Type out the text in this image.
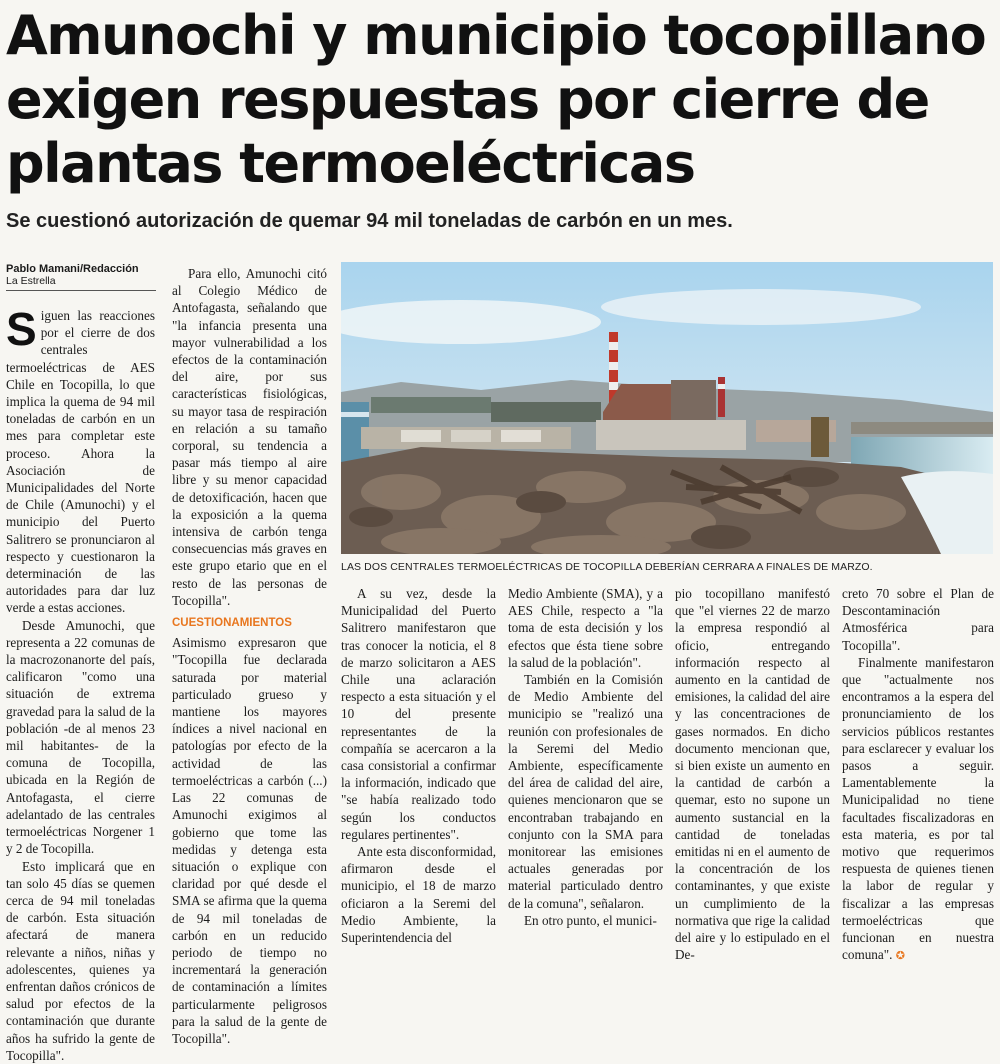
Amunochi y municipio tocopillano exigen respuestas por cierre de plantas termoeléctricas
Se cuestionó autorización de quemar 94 mil toneladas de carbón en un mes.
Pablo Mamani/Redacción
La Estrella

Siguen las reacciones por el cierre de dos centrales termoeléctricas de AES Chile en Tocopilla, lo que implica la quema de 94 mil toneladas de carbón en un mes para completar este proceso. Ahora la Asociación de Municipalidades del Norte de Chile (Amunochi) y el municipio del Puerto Salitrero se pronunciaron al respecto y cuestionaron la determinación de las autoridades para dar luz verde a estas acciones.

Desde Amunochi, que representa a 22 comunas de la macrozonanorte del país, calificaron "como una situación de extrema gravedad para la salud de la población -de al menos 23 mil habitantes- de la comuna de Tocopilla, ubicada en la Región de Antofagasta, el cierre adelantado de las centrales termoeléctricas Norgener 1 y 2 de Tocopilla.

Esto implicará que en tan solo 45 días se quemen cerca de 94 mil toneladas de carbón. Esta situación afectará de manera relevante a niños, niñas y adolescentes, quienes ya enfrentan daños crónicos de salud por efectos de la contaminación que durante años ha sufrido la gente de Tocopilla".

Para ello, Amunochi citó al Colegio Médico de Antofagasta, señalando que "la infancia presenta una mayor vulnerabilidad a los efectos de la contaminación del aire, por sus características fisiológicas, su mayor tasa de respiración en relación a su tamaño corporal, su tendencia a pasar más tiempo al aire libre y su menor capacidad de detoxificación, hacen que la exposición a la quema intensiva de carbón tenga consecuencias más graves en este grupo etario que en el resto de las personas de Tocopilla".

CUESTIONAMIENTOS

Asimismo expresaron que "Tocopilla fue declarada saturada por material particulado grueso y mantiene los mayores índices a nivel nacional en patologías por efecto de la actividad de las termoeléctricas a carbón (...) Las 22 comunas de Amunochi exigimos al gobierno que tome las medidas y detenga esta situación o explique con claridad por qué desde el SMA se afirma que la quema de 94 mil toneladas de carbón en un reducido periodo de tiempo no incrementará la generación de contaminación a límites particularmente peligrosos para la salud de la gente de Tocopilla".

LAS DOS CENTRALES TERMOELÉCTRICAS DE TOCOPILLA DEBERÍAN CERRARA A FINALES DE MARZO.

A su vez, desde la Municipalidad del Puerto Salitrero manifestaron que tras conocer la noticia, el 8 de marzo solicitaron a AES Chile una aclaración respecto a esta situación y el 10 del presente representantes de la compañía se acercaron a la casa consistorial a confirmar la información, indicado que "se había realizado todo según los conductos regulares pertinentes".

Ante esta disconformidad, afirmaron desde el municipio, el 18 de marzo oficiaron a la Seremi del Medio Ambiente, la Superintendencia del

Medio Ambiente (SMA), y a AES Chile, respecto a "la toma de esta decisión y los efectos que ésta tiene sobre la salud de la población".

También en la Comisión de Medio Ambiente del municipio se "realizó una reunión con profesionales de la Seremi del Medio Ambiente, específicamente del área de calidad del aire, quienes mencionaron que se encontraban trabajando en conjunto con la SMA para monitorear las emisiones actuales generadas por material particulado dentro de la comuna", señalaron.

En otro punto, el munici-

pio tocopillano manifestó que "el viernes 22 de marzo la empresa respondió al oficio, entregando información respecto al aumento en la cantidad de emisiones, la calidad del aire y las concentraciones de gases normados. En dicho documento mencionan que, si bien existe un aumento en la cantidad de carbón a quemar, esto no supone un aumento sustancial en la cantidad de toneladas emitidas ni en el aumento de la concentración de los contaminantes, y que existe un cumplimiento de la normativa que rige la calidad del aire y lo estipulado en el De-

creto 70 sobre el Plan de Descontaminación Atmosférica para Tocopilla".

Finalmente manifestaron que "actualmente nos encontramos a la espera del pronunciamiento de los servicios públicos restantes para esclarecer y evaluar los pasos a seguir. Lamentablemente la Municipalidad no tiene facultades fiscalizadoras en esta materia, es por tal motivo que requerimos respuesta de quienes tienen la labor de regular y fiscalizar a las empresas termoeléctricas que funcionan en nuestra comuna". ✪
